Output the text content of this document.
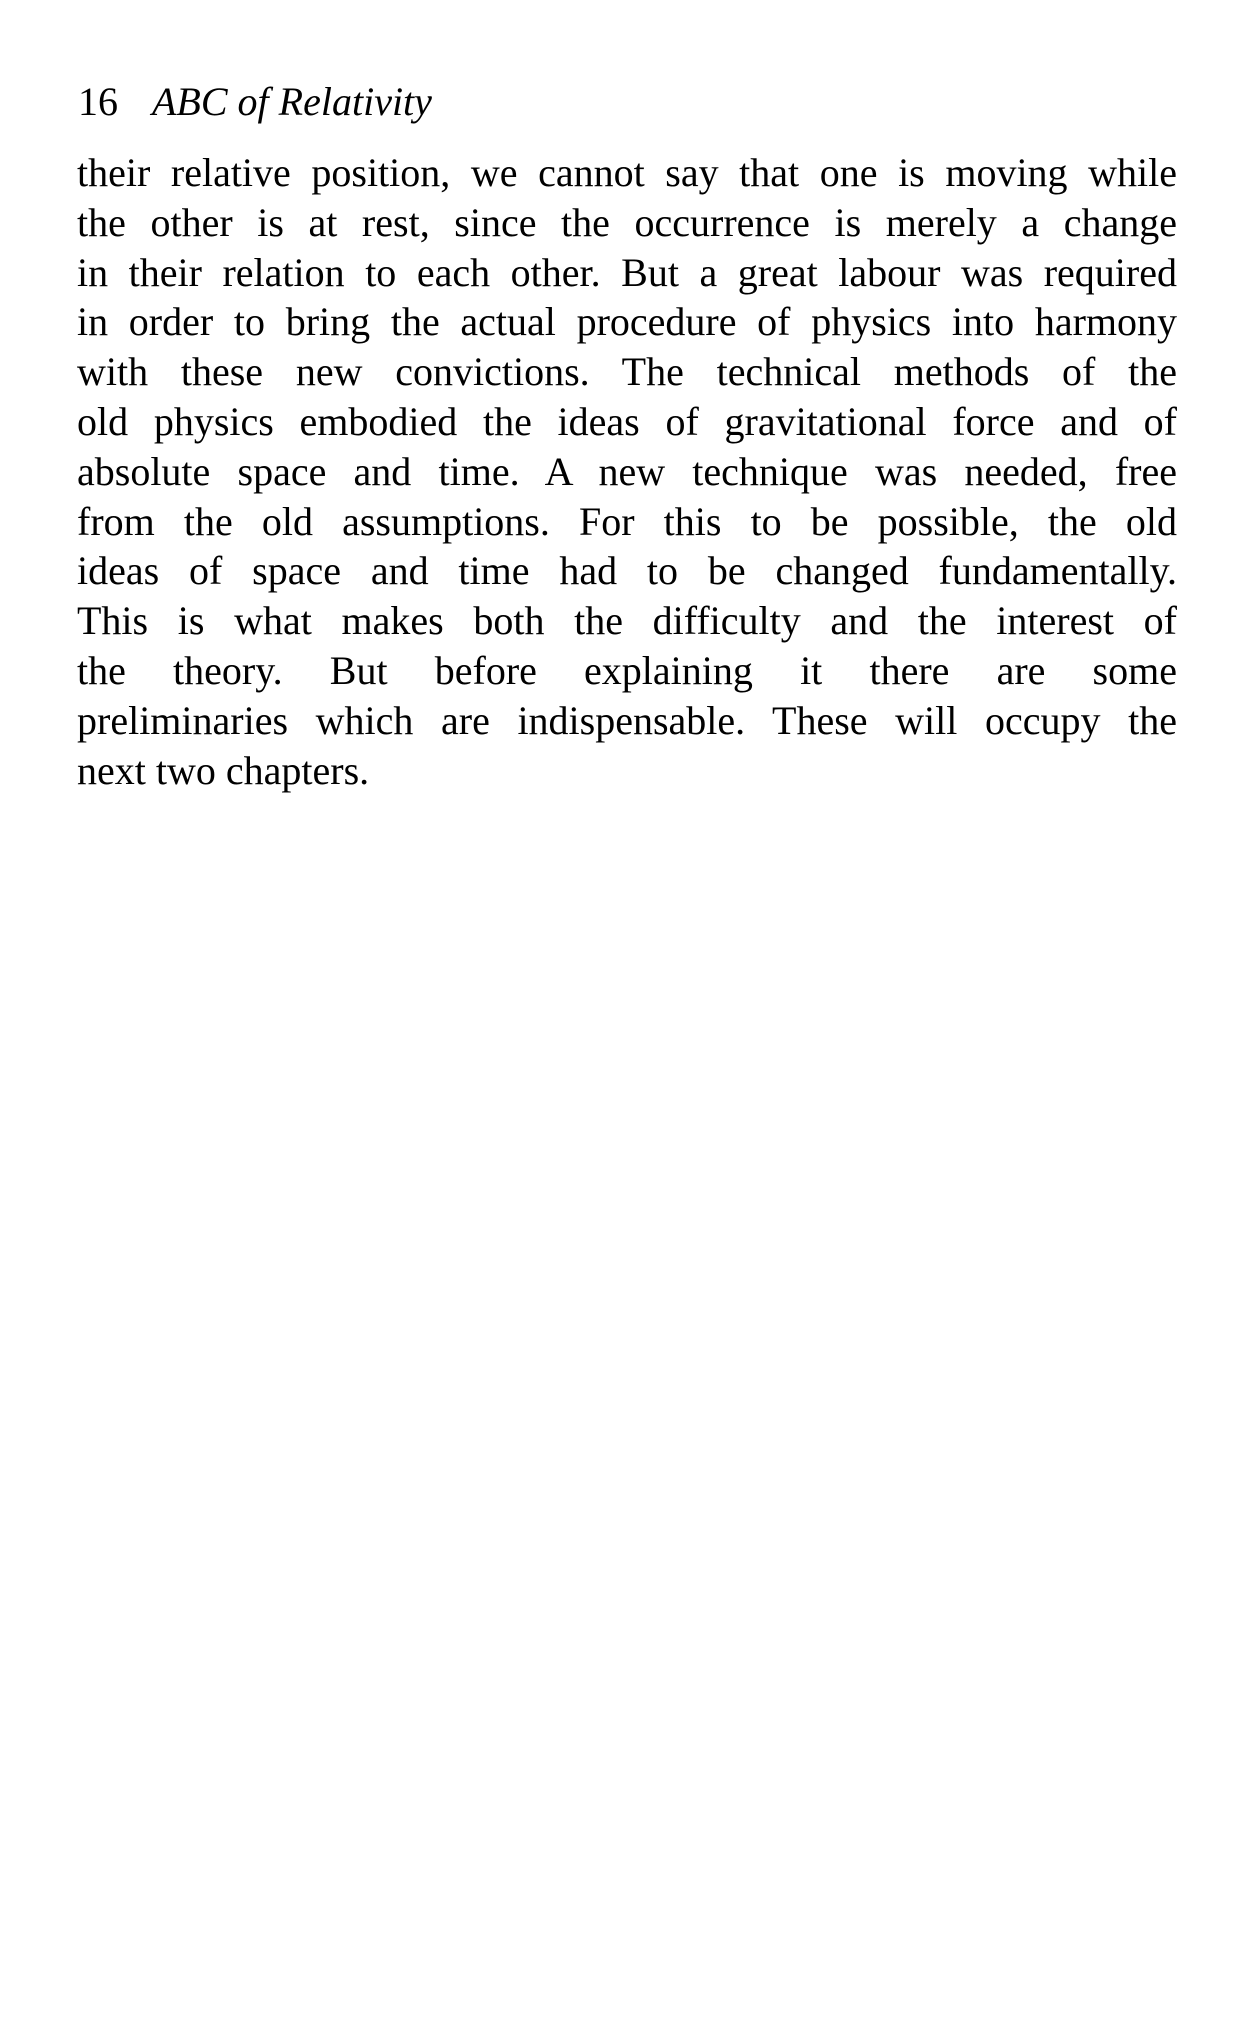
16 ABC of Relativity
their relative position, we cannot say that one is moving while
the other is at rest, since the occurrence is merely a change
in their relation to each other. But a great labour was required
in order to bring the actual procedure of physics into harmony
with these new convictions. The technical methods of the
old physics embodied the ideas of gravitational force and of
absolute space and time. A new technique was needed, free
from the old assumptions. For this to be possible, the old
ideas of space and time had to be changed fundamentally.
This is what makes both the difficulty and the interest of
the theory. But before explaining it there are some
preliminaries which are indispensable. These will occupy the
next two chapters.
